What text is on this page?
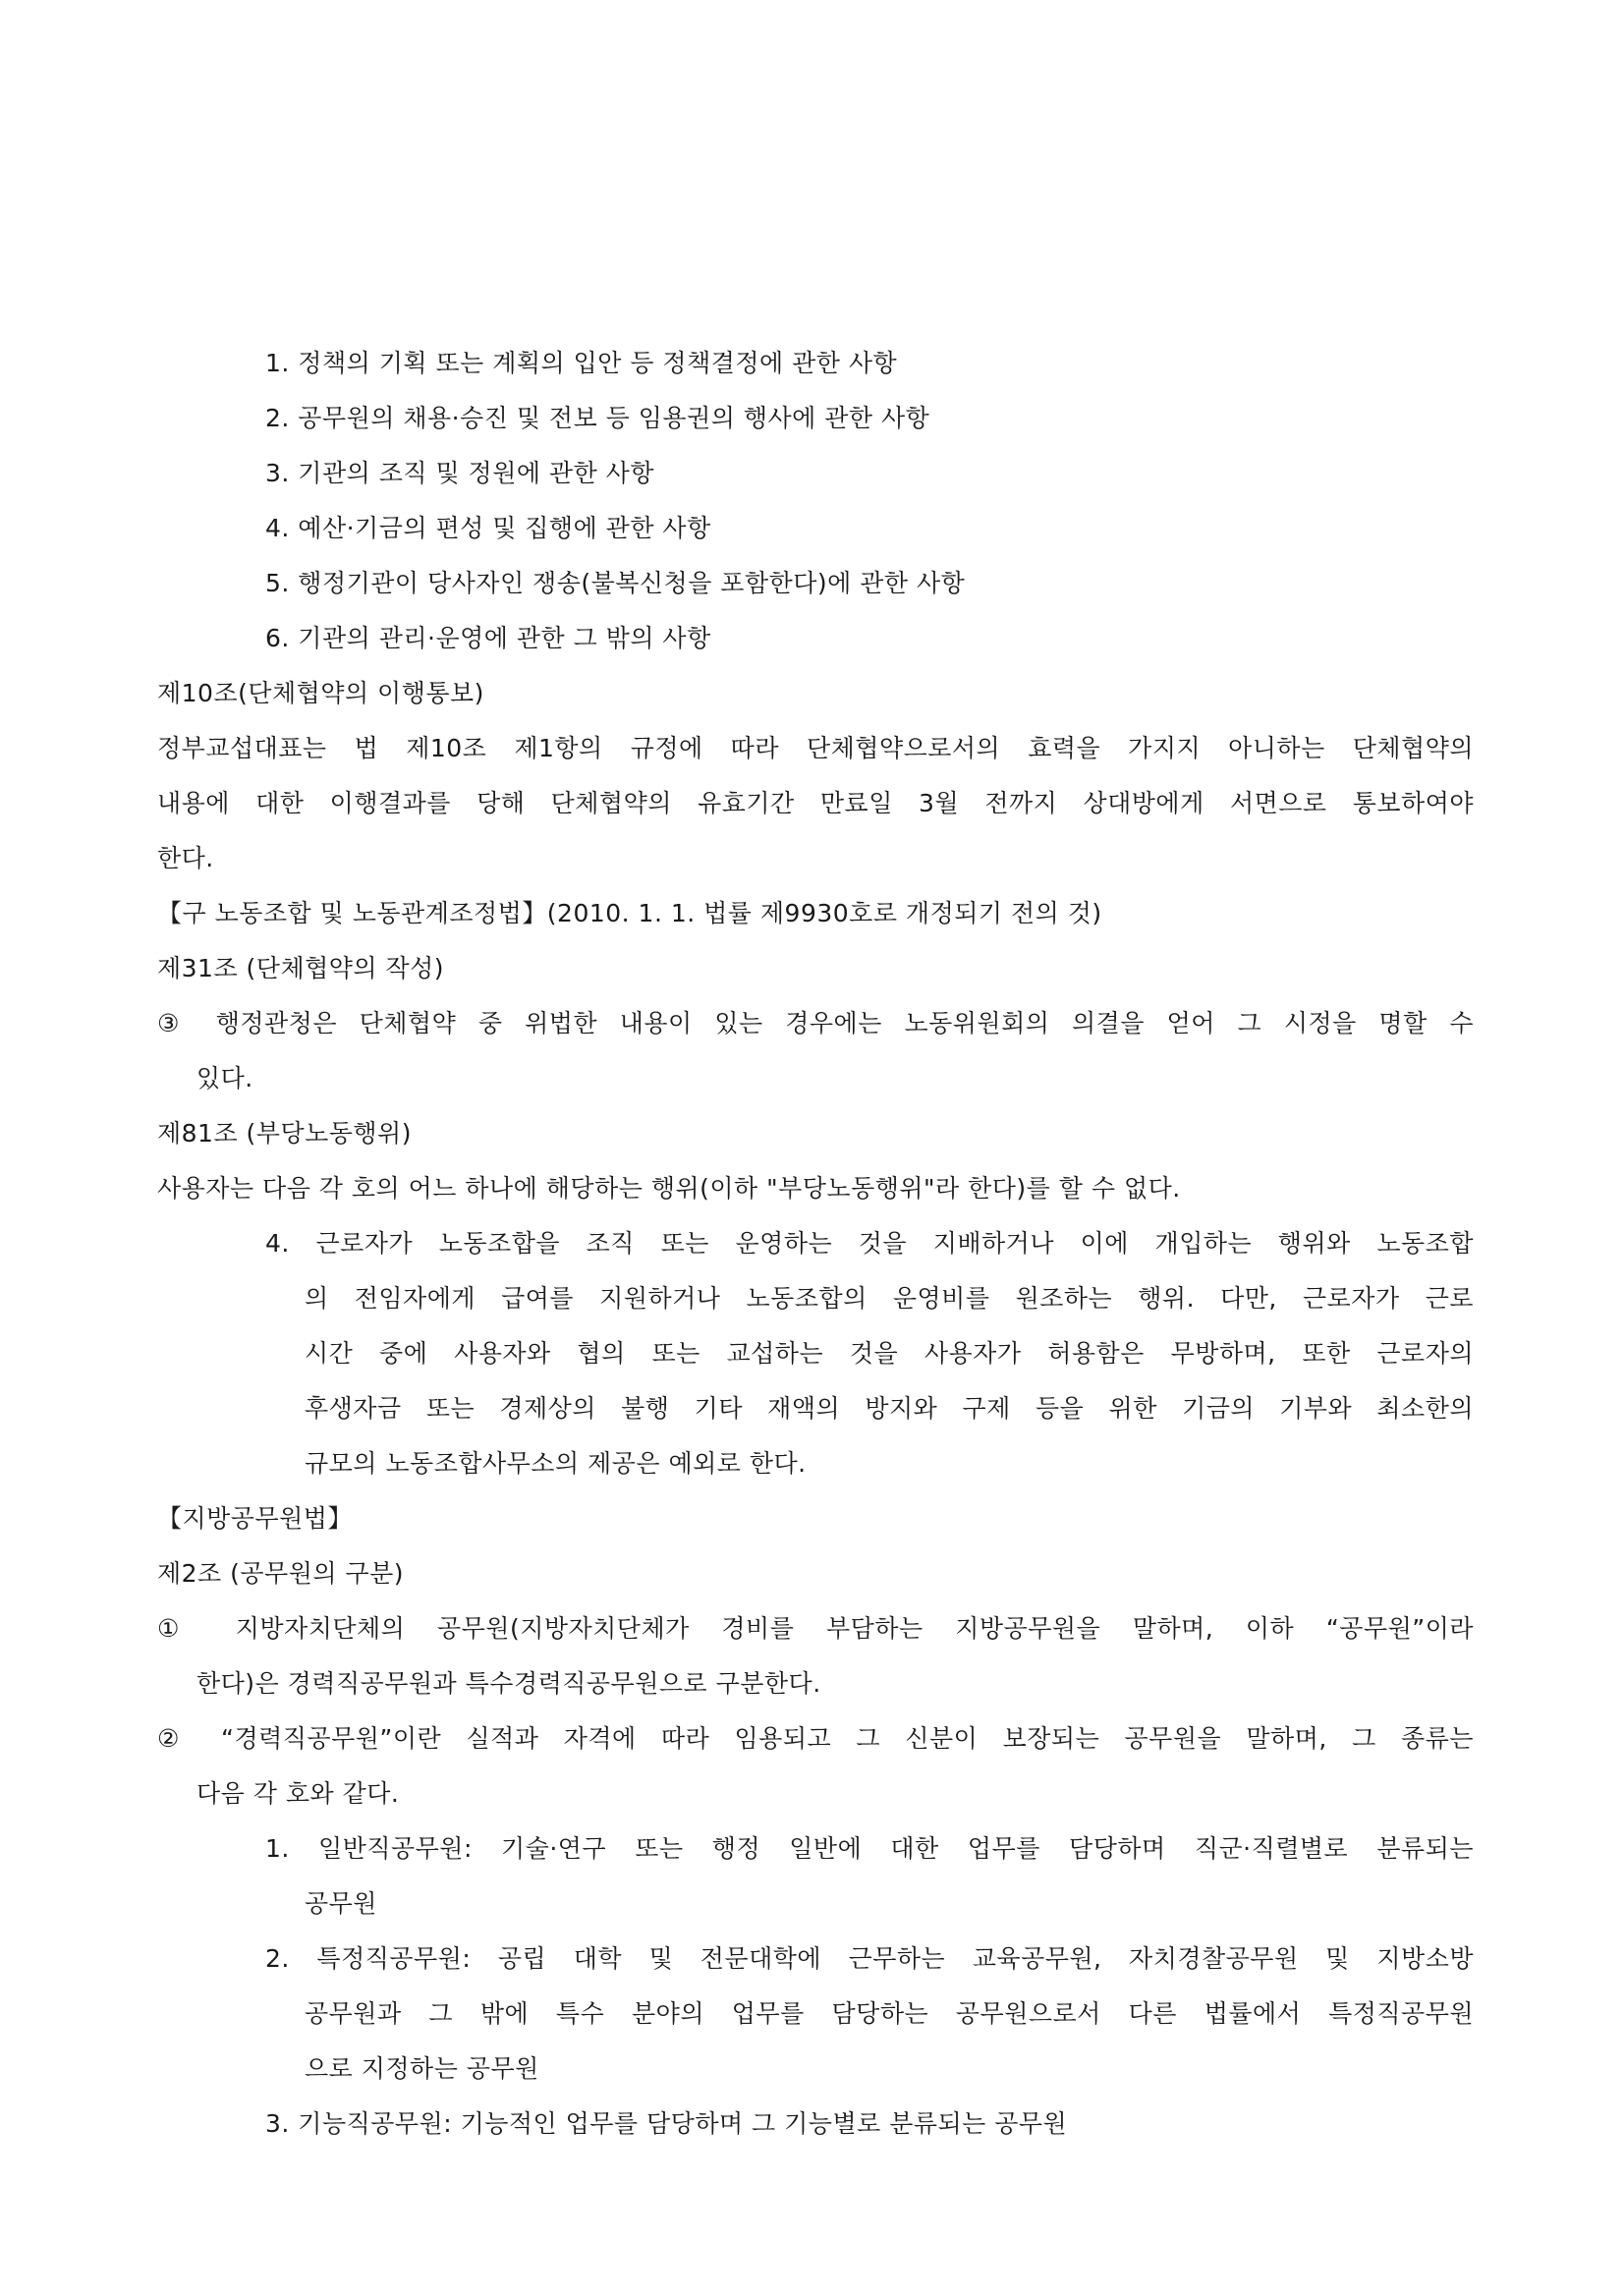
1. 정책의 기획 또는 계획의 입안 등 정책결정에 관한 사항
2. 공무원의 채용·승진 및 전보 등 임용권의 행사에 관한 사항
3. 기관의 조직 및 정원에 관한 사항
4. 예산·기금의 편성 및 집행에 관한 사항
5. 행정기관이 당사자인 쟁송(불복신청을 포함한다)에 관한 사항
6. 기관의 관리·운영에 관한 그 밖의 사항
제10조(단체협약의 이행통보)
정부교섭대표는 법 제10조 제1항의 규정에 따라 단체협약으로서의 효력을 가지지 아니하는 단체협약의
내용에 대한 이행결과를 당해 단체협약의 유효기간 만료일 3월 전까지 상대방에게 서면으로 통보하여야
한다.
【구 노동조합 및 노동관계조정법】(2010. 1. 1. 법률 제9930호로 개정되기 전의 것)
제31조 (단체협약의 작성)
③ 행정관청은 단체협약 중 위법한 내용이 있는 경우에는 노동위원회의 의결을 얻어 그 시정을 명할 수
있다.
제81조 (부당노동행위)
사용자는 다음 각 호의 어느 하나에 해당하는 행위(이하 "부당노동행위"라 한다)를 할 수 없다.
4. 근로자가 노동조합을 조직 또는 운영하는 것을 지배하거나 이에 개입하는 행위와 노동조합
의 전임자에게 급여를 지원하거나 노동조합의 운영비를 원조하는 행위. 다만, 근로자가 근로
시간 중에 사용자와 협의 또는 교섭하는 것을 사용자가 허용함은 무방하며, 또한 근로자의
후생자금 또는 경제상의 불행 기타 재액의 방지와 구제 등을 위한 기금의 기부와 최소한의
규모의 노동조합사무소의 제공은 예외로 한다.
【지방공무원법】
제2조 (공무원의 구분)
① 지방자치단체의 공무원(지방자치단체가 경비를 부담하는 지방공무원을 말하며, 이하 “공무원”이라
한다)은 경력직공무원과 특수경력직공무원으로 구분한다.
② “경력직공무원”이란 실적과 자격에 따라 임용되고 그 신분이 보장되는 공무원을 말하며, 그 종류는
다음 각 호와 같다.
1. 일반직공무원: 기술·연구 또는 행정 일반에 대한 업무를 담당하며 직군·직렬별로 분류되는
공무원
2. 특정직공무원: 공립 대학 및 전문대학에 근무하는 교육공무원, 자치경찰공무원 및 지방소방
공무원과 그 밖에 특수 분야의 업무를 담당하는 공무원으로서 다른 법률에서 특정직공무원
으로 지정하는 공무원
3. 기능직공무원: 기능적인 업무를 담당하며 그 기능별로 분류되는 공무원
